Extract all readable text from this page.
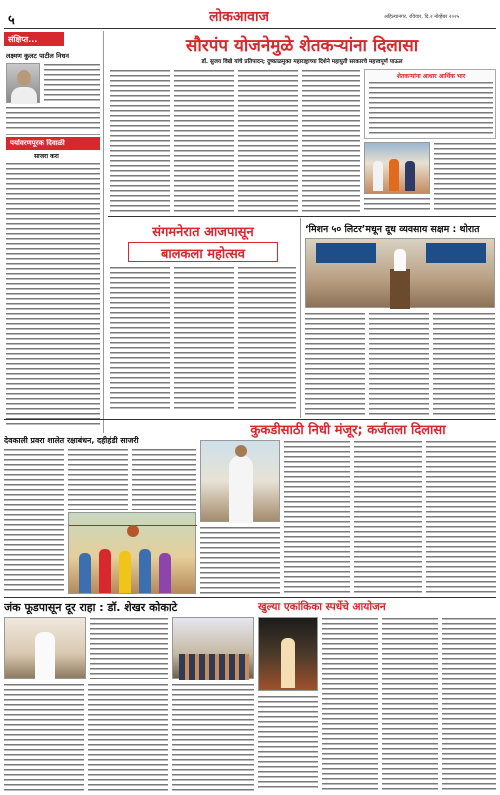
५	लोकआवाज	अहिल्यानगर, रविवार, दि.२ नोव्हेंबर २०२५
संक्षिप्त...
लक्ष्मण कुलट पाटील निधन
पर्यावरणपूरक दिवाळी
साजरा करा
सौरपंप योजनेमुळे शेतकऱ्यांना दिलासा
डॉ. सुजय विखे यांचे प्रतिपादन; दुष्काळमुक्त महाराष्ट्राच्या दिशेने महायुती सरकारचे महत्त्वपूर्ण पाऊल
शेतकऱ्यांना आधार आर्थिक भार
संगमनेरात आजपासून
बालकला महोत्सव
‘मिशन ५० लिटर’मधून दूध व्यवसाय सक्षम : थोरात
कुकडीसाठी निधी मंजूर; कर्जतला दिलासा
देवकाली प्रवरा शालेत रक्षाबंधन, दहीहंडी साजरी
जंक फूडपासून दूर राहा : डॉ. शेखर कोकाटे	खुल्या एकांकिका स्पर्धेचे आयोजन
